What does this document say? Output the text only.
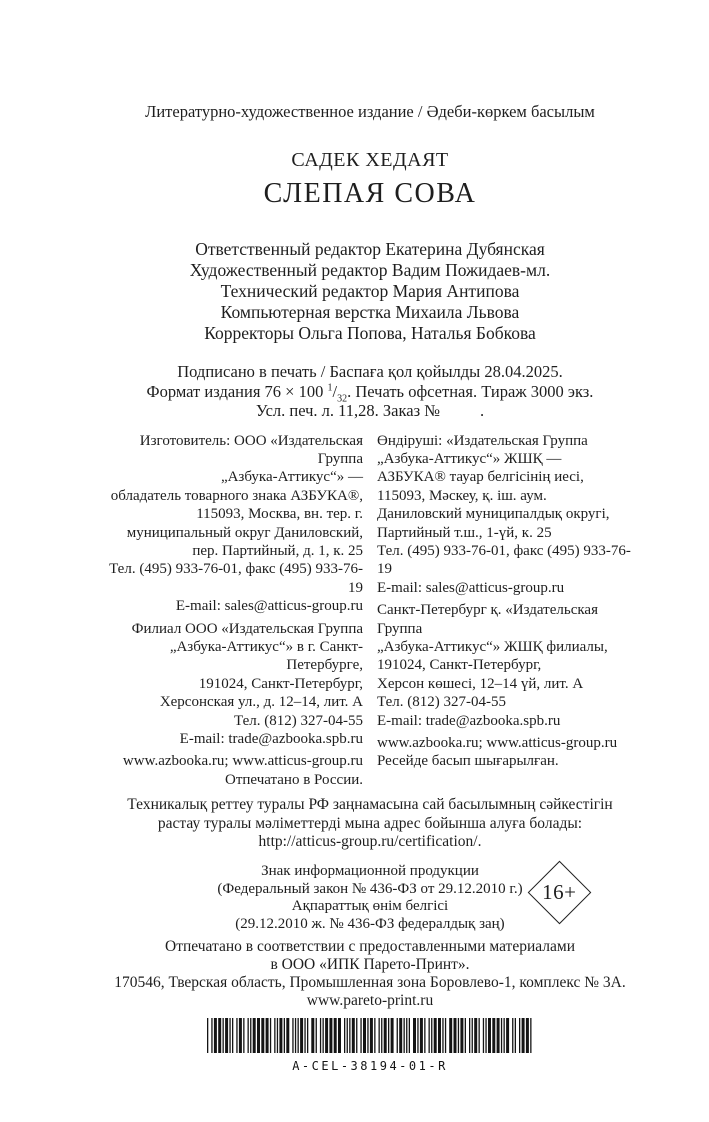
Литературно-художественное издание / Әдеби-көркем басылым
САДЕК ХЕДАЯТ
СЛЕПАЯ СОВА
Ответственный редактор Екатерина Дубянская
Художественный редактор Вадим Пожидаев-мл.
Технический редактор Мария Антипова
Компьютерная верстка Михаила Львова
Корректоры Ольга Попова, Наталья Бобкова
Подписано в печать / Баспаға қол қойылды 28.04.2025.
Формат издания 76 × 100 $^1/_{32}$. Печать офсетная. Тираж 3000 экз.
Усл. печ. л. 11,28. Заказ № .
Изготовитель: ООО «Издательская Группа
„Азбука-Аттикус“» —
обладатель товарного знака АЗБУКА®,
115093, Москва, вн. тер. г.
муниципальный округ Даниловский,
пер. Партийный, д. 1, к. 25
Тел. (495) 933-76-01, факс (495) 933-76-19
E-mail: sales@atticus-group.ru
Филиал ООО «Издательская Группа
„Азбука-Аттикус“» в г. Санкт-Петербурге,
191024, Санкт-Петербург,
Херсонская ул., д. 12–14, лит. А
Тел. (812) 327-04-55
E-mail: trade@azbooka.spb.ru
www.azbooka.ru; www.atticus-group.ru
Отпечатано в России.
Өндіруші: «Издательская Группа
„Азбука-Аттикус“» ЖШҚ —
АЗБУКА® тауар белгісінің иесі,
115093, Мәскеу, қ. іш. аум.
Даниловский муниципалдық округі,
Партийный т.ш., 1-үй, к. 25
Тел. (495) 933-76-01, факс (495) 933-76-19
E-mail: sales@atticus-group.ru
Санкт-Петербург қ. «Издательская Группа
„Азбука-Аттикус“» ЖШҚ филиалы,
191024, Санкт-Петербург,
Херсон көшесі, 12–14 үй, лит. А
Тел. (812) 327-04-55
E-mail: trade@azbooka.spb.ru
www.azbooka.ru; www.atticus-group.ru
Ресейде басып шығарылған.
Техникалық реттеу туралы РФ заңнамасына сай басылымның сәйкестігін
растау туралы мәліметтерді мына адрес бойынша алуға болады:
http://atticus-group.ru/certification/.
Знак информационной продукции
(Федеральный закон № 436-ФЗ от 29.12.2010 г.)
Ақпараттық өнім белгісі
(29.12.2010 ж. № 436-ФЗ федералдық заң)
16+
Отпечатано в соответствии с предоставленными материалами
в ООО «ИПК Парето-Принт».
170546, Тверская область, Промышленная зона Боровлево-1, комплекс № 3А.
www.pareto-print.ru
A-CEL-38194-01-R
